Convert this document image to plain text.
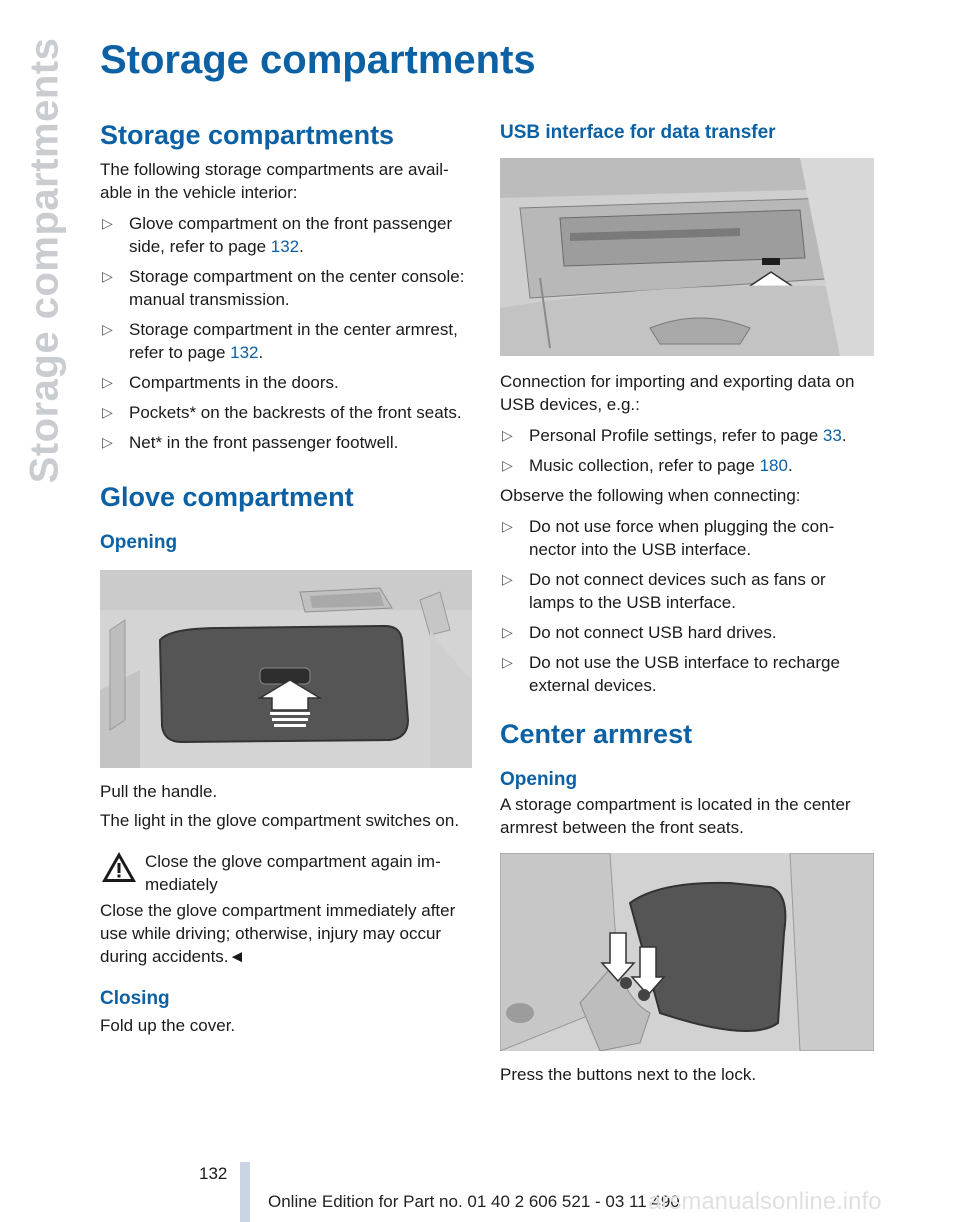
Storage compartments Storage compartments
Storage compartments

The following storage compartments are available in the vehicle interior:

▷ Glove compartment on the front passenger side, refer to page 132.
▷ Storage compartment on the center console: manual transmission.
▷ Storage compartment in the center armrest, refer to page 132.
▷ Compartments in the doors.
▷ Pockets* on the backrests of the front seats.
▷ Net* in the front passenger footwell.
Glove compartment
Opening

Pull the handle.

The light in the glove compartment switches on.

Close the glove compartment again immediately

Close the glove compartment immediately after use while driving; otherwise, injury may occur during accidents.◄

Closing

Fold up the cover.

USB interface for data transfer

Connection for importing and exporting data on USB devices, e.g.:

▷ Personal Profile settings, refer to page 33.
▷ Music collection, refer to page 180.

Observe the following when connecting:

▷ Do not use force when plugging the connector into the USB interface.
▷ Do not connect devices such as fans or lamps to the USB interface.
▷ Do not connect USB hard drives.
▷ Do not use the USB interface to recharge external devices.
Center armrest
Opening

A storage compartment is located in the center armrest between the front seats.

Press the buttons next to the lock.

132
Online Edition for Part no. 01 40 2 606 521 - 03 11 490
arsmanualsonline.info
